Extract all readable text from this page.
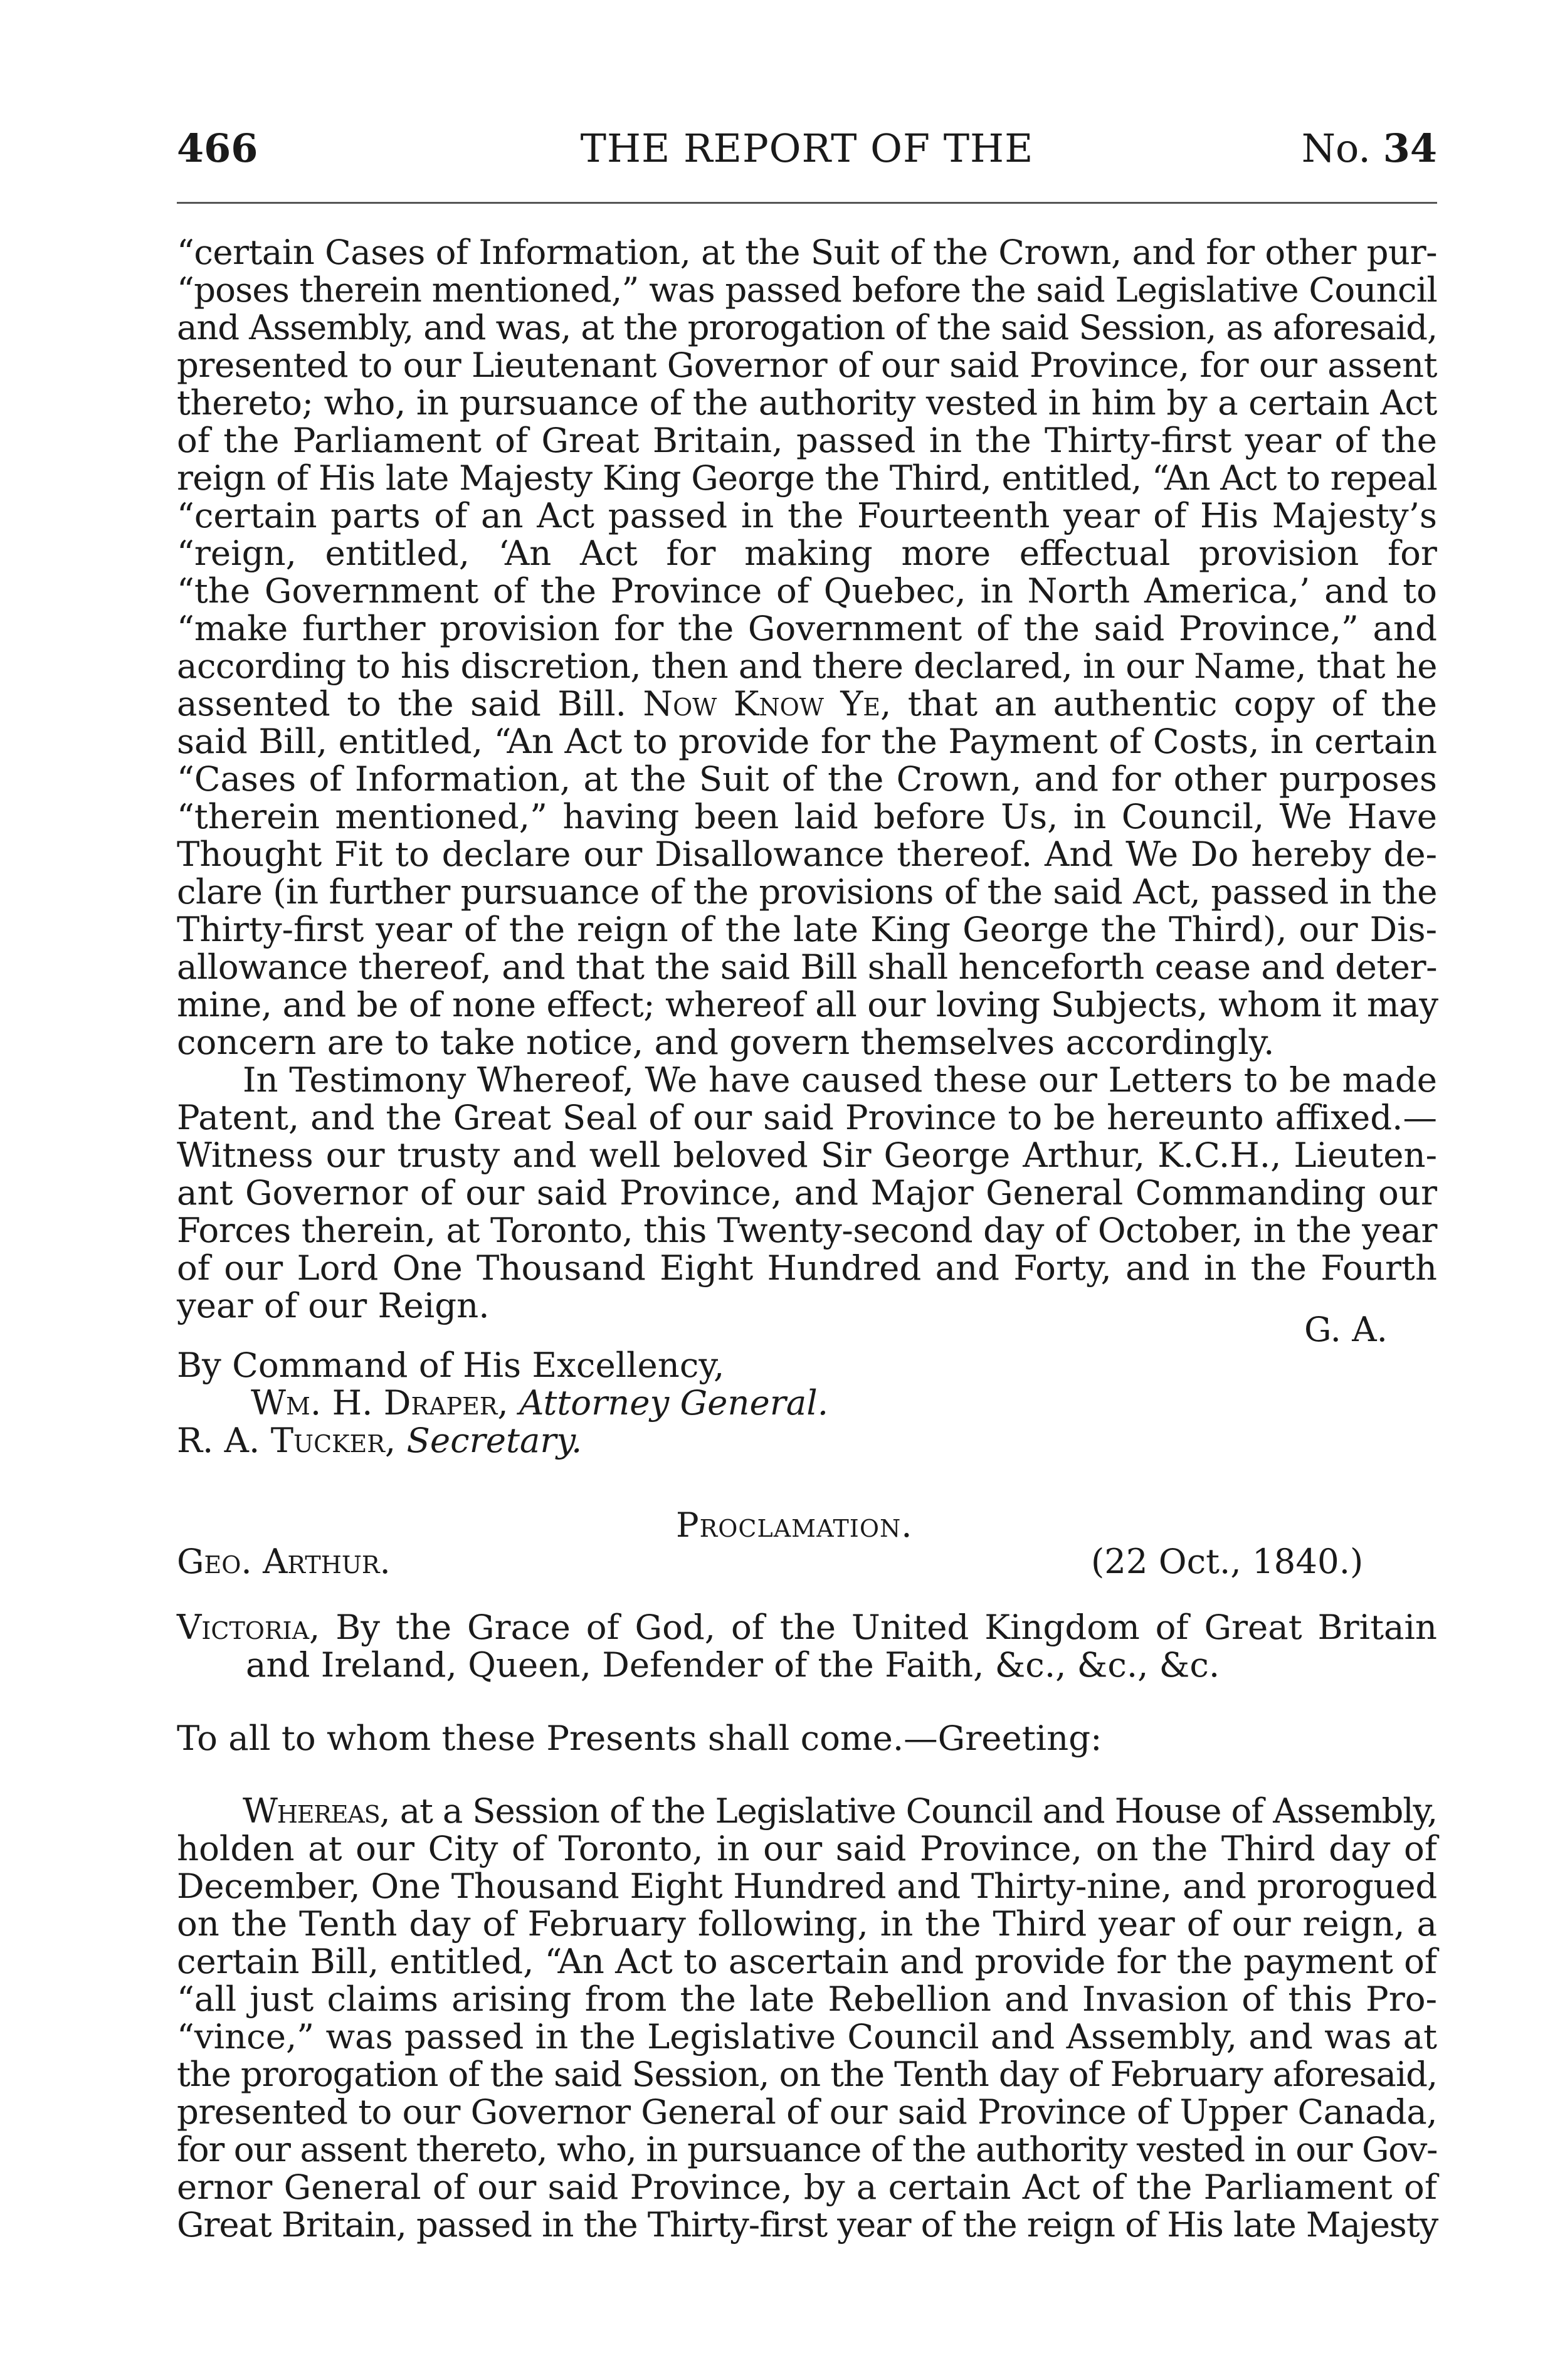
466	THE REPORT OF THE	No. 34
“certain Cases of Information, at the Suit of the Crown, and for other pur-
“poses therein mentioned,” was passed before the said Legislative Council
and Assembly, and was, at the prorogation of the said Session, as aforesaid,
presented to our Lieutenant Governor of our said Province, for our assent
thereto; who, in pursuance of the authority vested in him by a certain Act
of the Parliament of Great Britain, passed in the Thirty-first year of the
reign of His late Majesty King George the Third, entitled, “An Act to repeal
“certain parts of an Act passed in the Fourteenth year of His Majesty’s
“reign, entitled, ‘An Act for making more effectual provision for
“the Government of the Province of Quebec, in North America,’ and to
“make further provision for the Government of the said Province,” and
according to his discretion, then and there declared, in our Name, that he
assented to the said Bill. Now Know Ye, that an authentic copy of the
said Bill, entitled, “An Act to provide for the Payment of Costs, in certain
“Cases of Information, at the Suit of the Crown, and for other purposes
“therein mentioned,” having been laid before Us, in Council, We Have
Thought Fit to declare our Disallowance thereof. And We Do hereby de-
clare (in further pursuance of the provisions of the said Act, passed in the
Thirty-first year of the reign of the late King George the Third), our Dis-
allowance thereof, and that the said Bill shall henceforth cease and deter-
mine, and be of none effect; whereof all our loving Subjects, whom it may
concern are to take notice, and govern themselves accordingly.
In Testimony Whereof, We have caused these our Letters to be made
Patent, and the Great Seal of our said Province to be hereunto affixed.—
Witness our trusty and well beloved Sir George Arthur, K.C.H., Lieuten-
ant Governor of our said Province, and Major General Commanding our
Forces therein, at Toronto, this Twenty-second day of October, in the year
of our Lord One Thousand Eight Hundred and Forty, and in the Fourth
year of our Reign.
G. A.
By Command of His Excellency,
Wm. H. Draper, Attorney General.
R. A. Tucker, Secretary.
Proclamation.
Geo. Arthur.	(22 Oct., 1840.)
Victoria, By the Grace of God, of the United Kingdom of Great Britain
and Ireland, Queen, Defender of the Faith, &c., &c., &c.
To all to whom these Presents shall come.—Greeting:
Whereas, at a Session of the Legislative Council and House of Assembly,
holden at our City of Toronto, in our said Province, on the Third day of
December, One Thousand Eight Hundred and Thirty-nine, and prorogued
on the Tenth day of February following, in the Third year of our reign, a
certain Bill, entitled, “An Act to ascertain and provide for the payment of
“all just claims arising from the late Rebellion and Invasion of this Pro-
“vince,” was passed in the Legislative Council and Assembly, and was at
the prorogation of the said Session, on the Tenth day of February aforesaid,
presented to our Governor General of our said Province of Upper Canada,
for our assent thereto, who, in pursuance of the authority vested in our Gov-
ernor General of our said Province, by a certain Act of the Parliament of
Great Britain, passed in the Thirty-first year of the reign of His late Majesty
